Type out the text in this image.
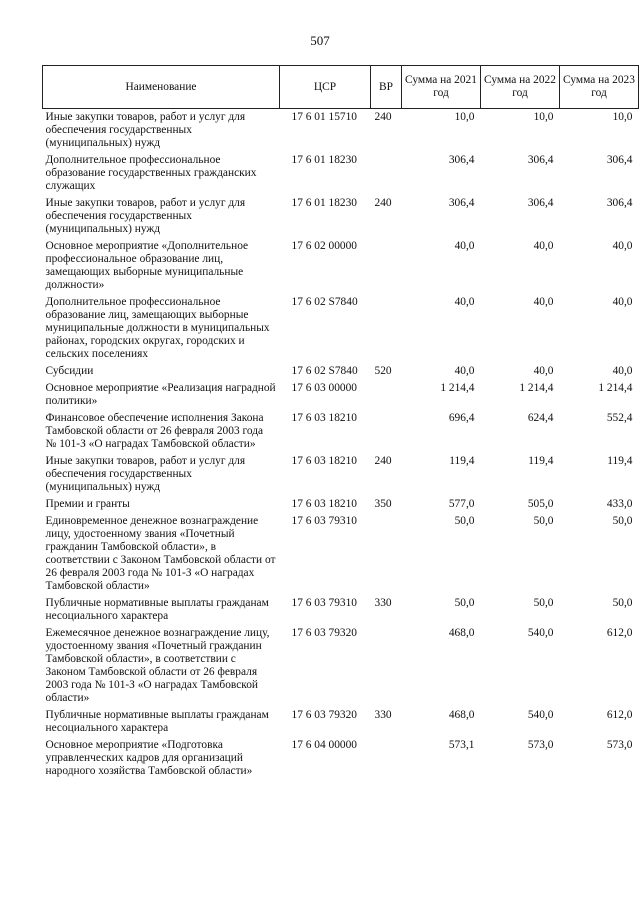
507
Наименование	ЦСР	ВР	Сумма на 2021 год	Сумма на 2022 год	Сумма на 2023 год
Иные закупки товаров, работ и услуг для обеспечения государственных (муниципальных) нужд	17 6 01 15710	240	10,0	10,0	10,0
Дополнительное профессиональное образование государственных гражданских служащих	17 6 01 18230		306,4	306,4	306,4
Иные закупки товаров, работ и услуг для обеспечения государственных (муниципальных) нужд	17 6 01 18230	240	306,4	306,4	306,4
Основное мероприятие «Дополнительное профессиональное образование лиц, замещающих выборные муниципальные должности»	17 6 02 00000		40,0	40,0	40,0
Дополнительное профессиональное образование лиц, замещающих выборные муниципальные должности в муниципальных районах, городских округах, городских и сельских поселениях	17 6 02 S7840		40,0	40,0	40,0
Субсидии	17 6 02 S7840	520	40,0	40,0	40,0
Основное мероприятие «Реализация наградной политики»	17 6 03 00000		1 214,4	1 214,4	1 214,4
Финансовое обеспечение исполнения Закона Тамбовской области от 26 февраля 2003 года № 101-З «О наградах Тамбовской области»	17 6 03 18210		696,4	624,4	552,4
Иные закупки товаров, работ и услуг для обеспечения государственных (муниципальных) нужд	17 6 03 18210	240	119,4	119,4	119,4
Премии и гранты	17 6 03 18210	350	577,0	505,0	433,0
Единовременное денежное вознаграждение лицу, удостоенному звания «Почетный гражданин Тамбовской области», в соответствии с Законом Тамбовской области от 26 февраля 2003 года № 101-З «О наградах Тамбовской области»	17 6 03 79310		50,0	50,0	50,0
Публичные нормативные выплаты гражданам несоциального характера	17 6 03 79310	330	50,0	50,0	50,0
Ежемесячное денежное вознаграждение лицу, удостоенному звания «Почетный гражданин Тамбовской области», в соответствии с Законом Тамбовской области от 26 февраля 2003 года № 101-З «О наградах Тамбовской области»	17 6 03 79320		468,0	540,0	612,0
Публичные нормативные выплаты гражданам несоциального характера	17 6 03 79320	330	468,0	540,0	612,0
Основное мероприятие «Подготовка управленческих кадров для организаций народного хозяйства Тамбовской области»	17 6 04 00000		573,1	573,0	573,0
